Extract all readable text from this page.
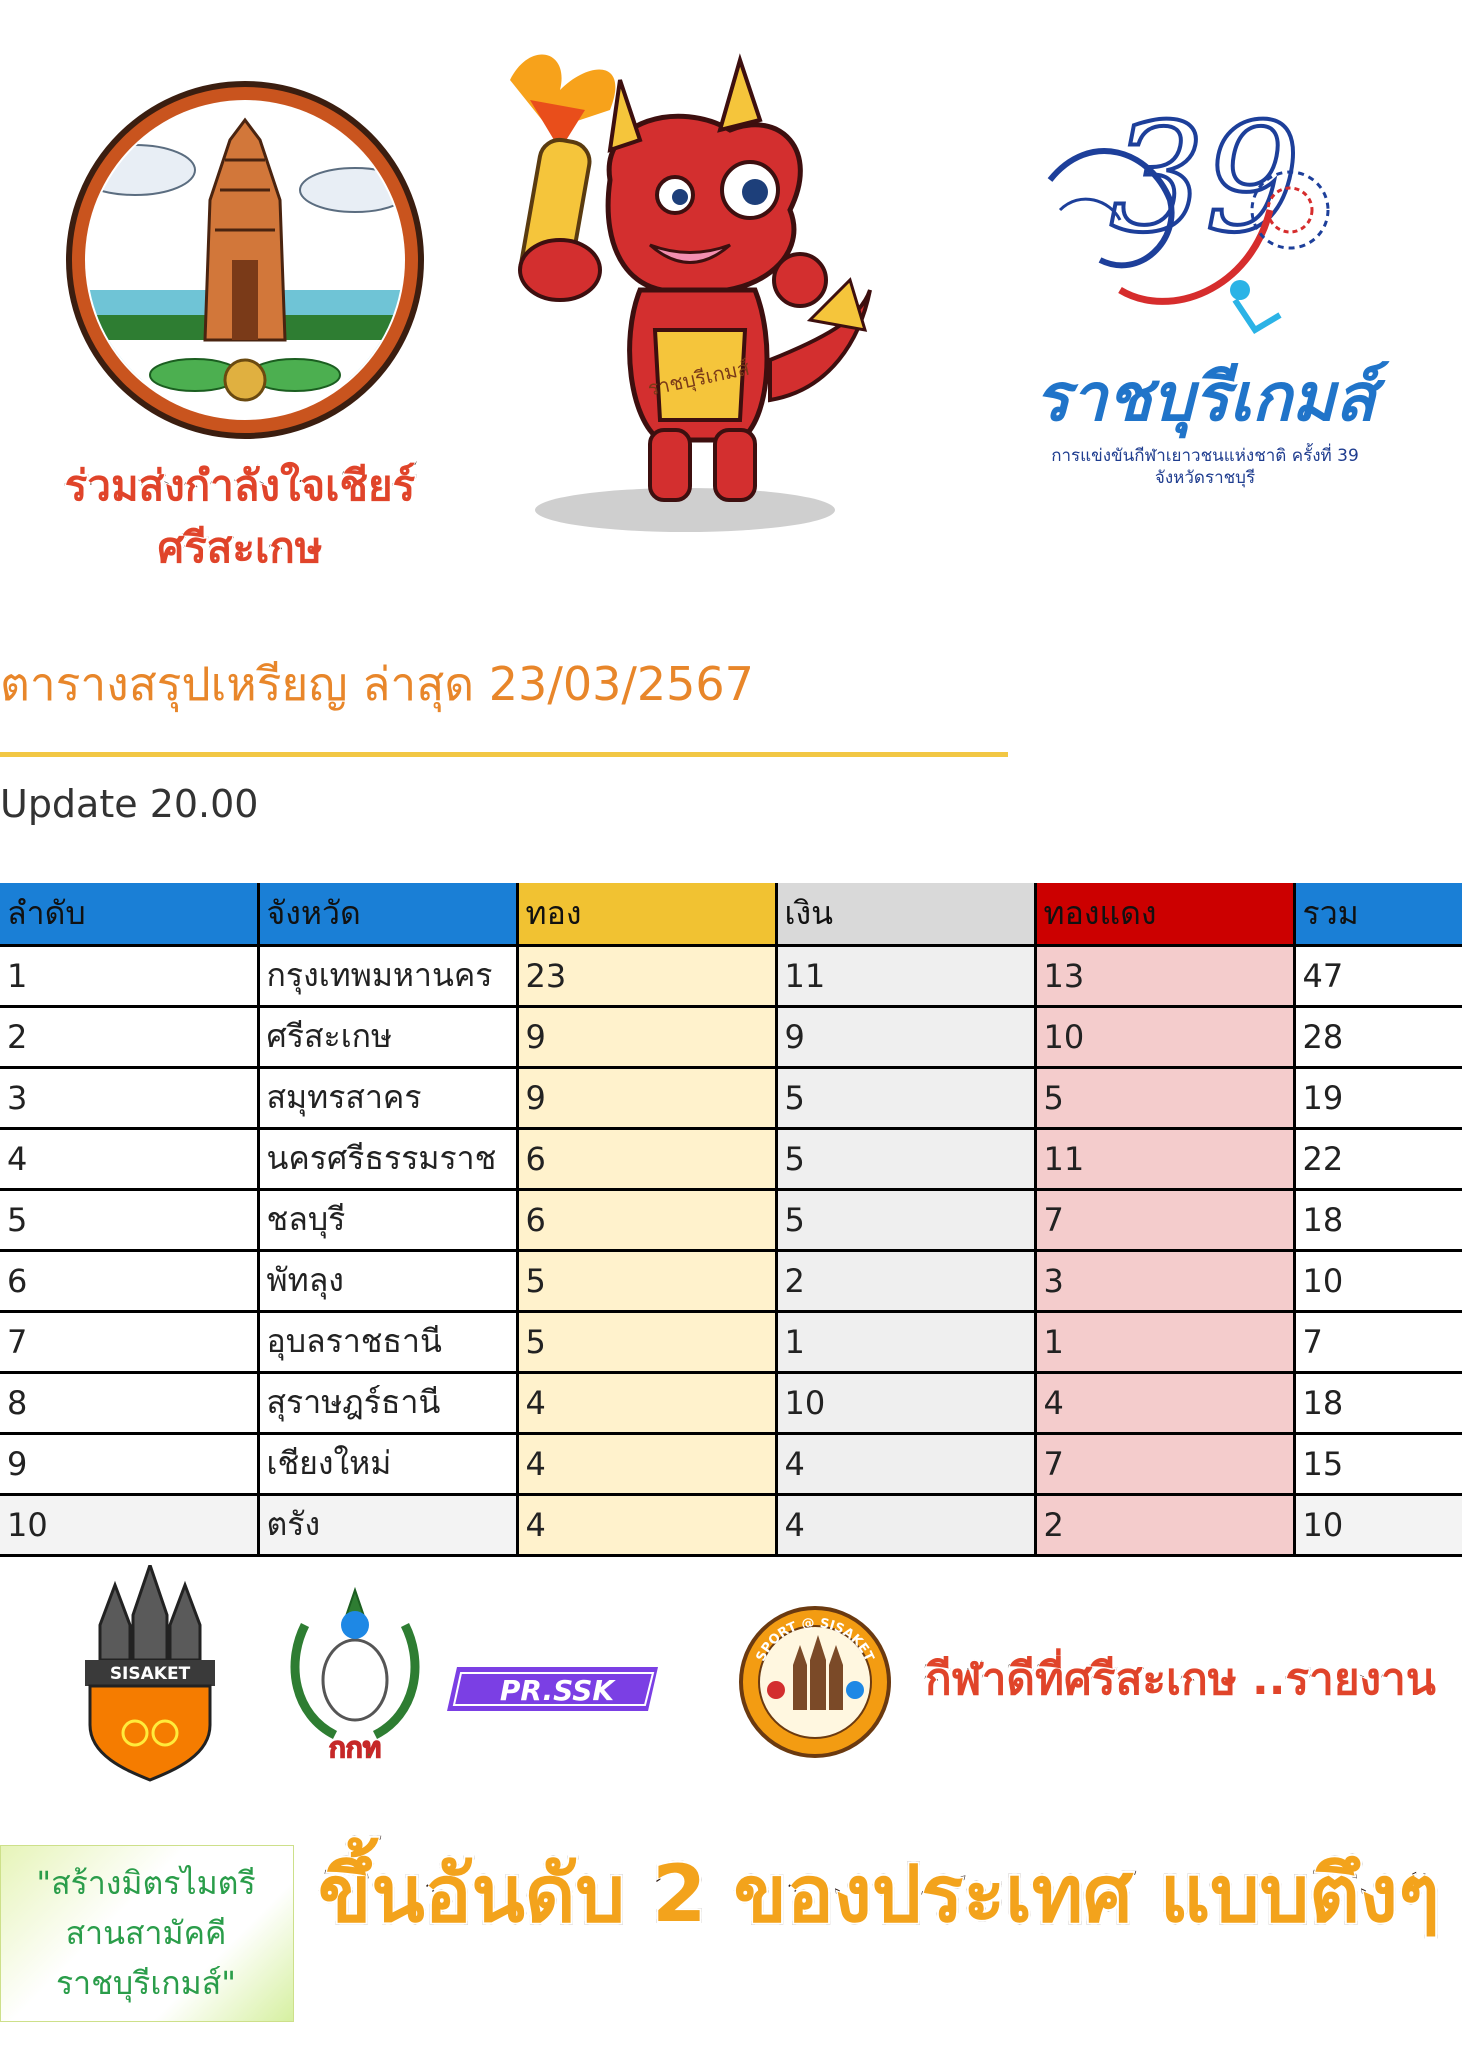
ร่วมส่งกำลังใจเชียร์
ศรีสะเกษ
ราชบุรีเกมส์
39
ราชบุรีเกมส์
การแข่งขันกีฬาเยาวชนแห่งชาติ ครั้งที่ 39
จังหวัดราชบุรี
ตารางสรุปเหรียญ ล่าสุด 23/03/2567
Update 20.00
ลำดับ	จังหวัด	ทอง	เงิน	ทองแดง	รวม
1	กรุงเทพมหานคร	23	11	13	47
2	ศรีสะเกษ	9	9	10	28
3	สมุทรสาคร	9	5	5	19
4	นครศรีธรรมราช	6	5	11	22
5	ชลบุรี	6	5	7	18
6	พัทลุง	5	2	3	10
7	อุบลราชธานี	5	1	1	7
8	สุราษฎร์ธานี	4	10	4	18
9	เชียงใหม่	4	4	7	15
10	ตรัง	4	4	2	10
SISAKET
กกท
PR.SSK
SPORT @ SISAKET กีฬาดีที่ศรีสะเกษ ..รายงาน
"สร้างมิตรไมตรี
สานสามัคคี
ราชบุรีเกมส์"
ขึ้นอันดับ 2 ของประเทศ แบบตึงๆ
